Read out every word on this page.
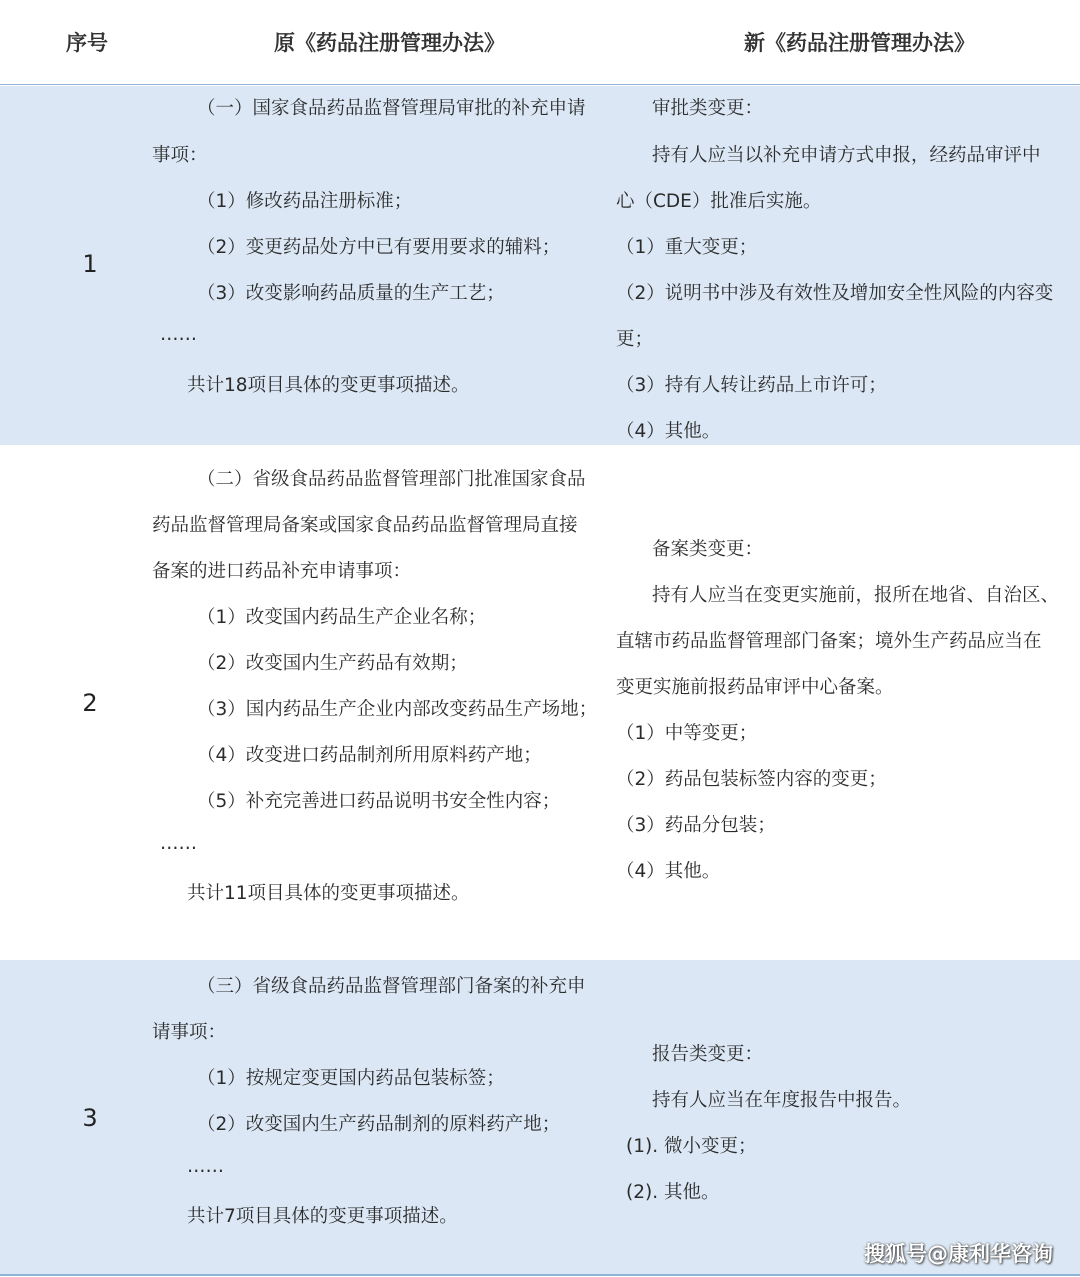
序号	原《药品注册管理办法》	新《药品注册管理办法》
1
（一）国家食品药品监督管理局审批的补充申请
事项：
（1）修改药品注册标准；
（2）变更药品处方中已有要用要求的辅料；
（3）改变影响药品质量的生产工艺；
……
共计18项目具体的变更事项描述。
审批类变更：
持有人应当以补充申请方式申报，经药品审评中
心（CDE）批准后实施。
（1）重大变更；
（2）说明书中涉及有效性及增加安全性风险的内容变
更；
（3）持有人转让药品上市许可；
（4）其他。
2
（二）省级食品药品监督管理部门批准国家食品
药品监督管理局备案或国家食品药品监督管理局直接
备案的进口药品补充申请事项：
（1）改变国内药品生产企业名称；
（2）改变国内生产药品有效期；
（3）国内药品生产企业内部改变药品生产场地；
（4）改变进口药品制剂所用原料药产地；
（5）补充完善进口药品说明书安全性内容；
……
共计11项目具体的变更事项描述。
备案类变更：
持有人应当在变更实施前，报所在地省、自治区、
直辖市药品监督管理部门备案；境外生产药品应当在
变更实施前报药品审评中心备案。
（1）中等变更；
（2）药品包装标签内容的变更；
（3）药品分包装；
（4）其他。
3
（三）省级食品药品监督管理部门备案的补充申
请事项：
（1）按规定变更国内药品包装标签；
（2）改变国内生产药品制剂的原料药产地；
……
共计7项目具体的变更事项描述。
报告类变更：
持有人应当在年度报告中报告。
(1). 微小变更；
(2). 其他。
搜狐号@康利华咨询
